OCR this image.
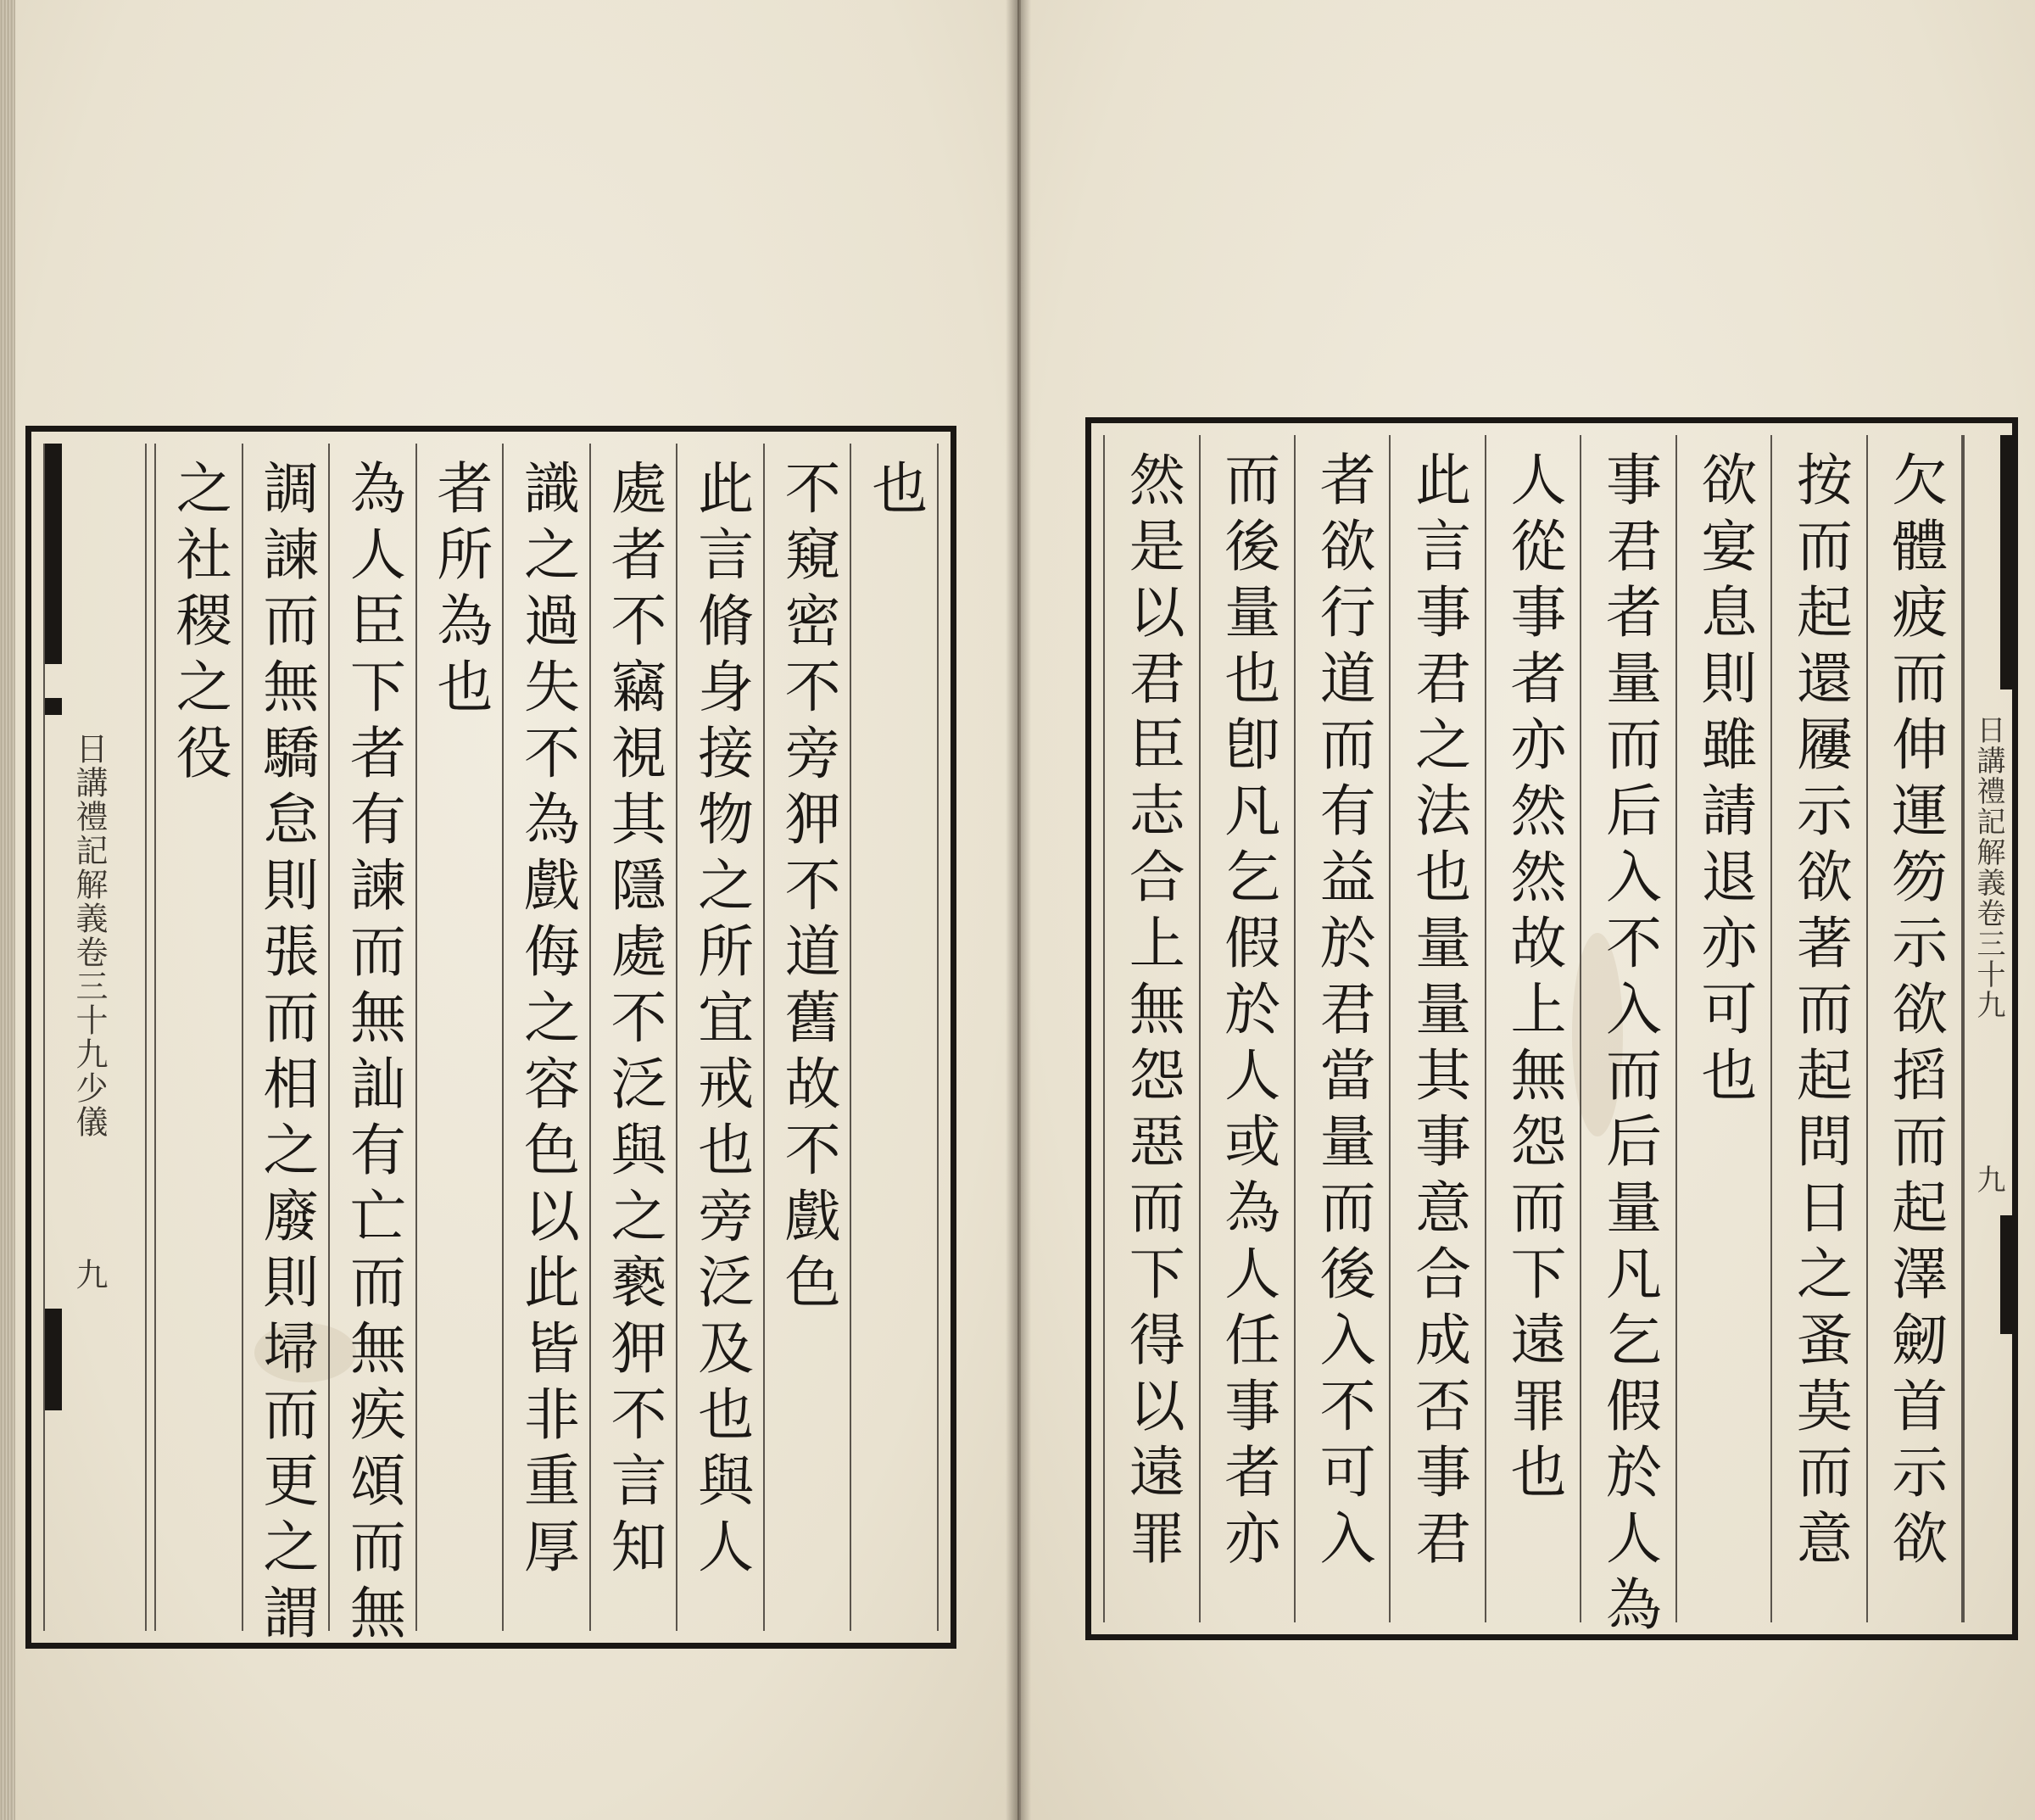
日講禮記解義卷三十九少儀
九
也
不窺密不旁狎不道舊故不戲色
此言脩身接物之所宜戒也旁泛及也與人
處者不竊視其隱處不泛與之褻狎不言知
識之過失不為戲侮之容色以此皆非重厚
者所為也
為人臣下者有諫而無訕有亡而無疾頌而無
調諫而無驕怠則張而相之廢則埽而更之謂
之社稷之役	欠體疲而伸運笏示欲搯而起澤劒首示欲
按而起還屨示欲著而起問日之蚤莫而意
欲宴息則雖請退亦可也
事君者量而后入不入而后量凡乞假於人為
人從事者亦然然故上無怨而下遠罪也
此言事君之法也量量其事意合成否事君
者欲行道而有益於君當量而後入不可入
而後量也卽凡乞假於人或為人任事者亦
然是以君臣志合上無怨惡而下得以遠罪	日講禮記解義卷三十九
九
